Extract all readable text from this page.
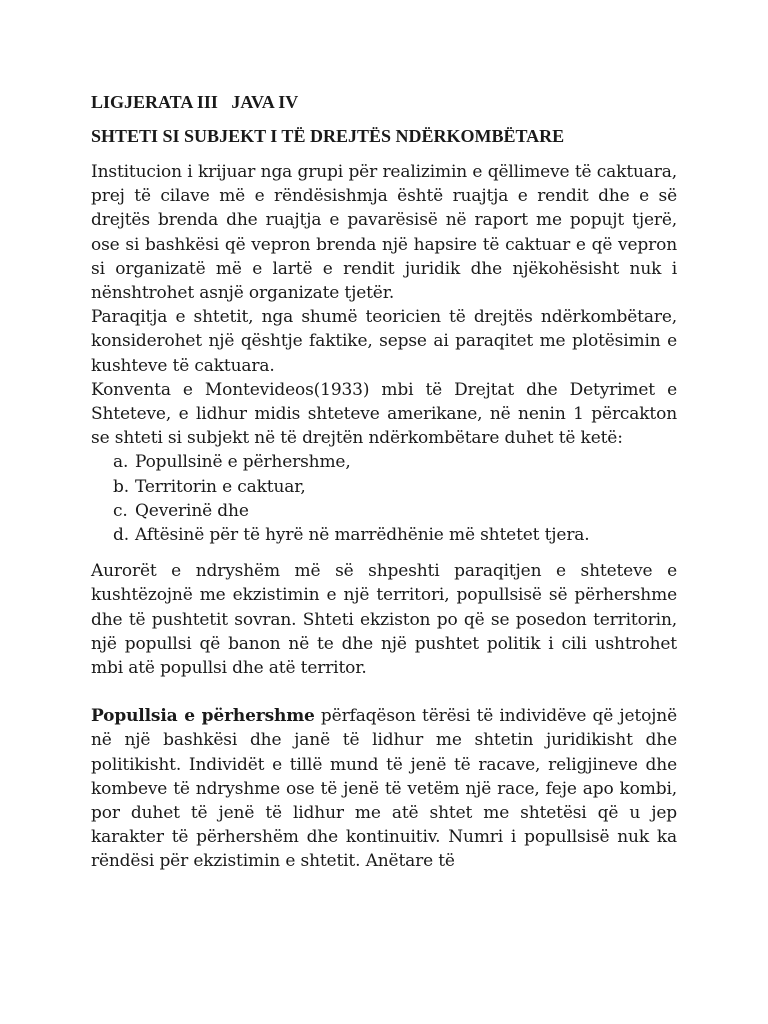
LIGJERATA III   JAVA IV

SHTETI SI SUBJEKT I TË DREJTËS NDËRKOMBËTARE

Institucion i krijuar nga grupi për realizimin e qëllimeve të caktuara, prej të cilave më e rëndësishmja është ruajtja e rendit dhe e së drejtës brenda dhe ruajtja e pavarësisë në raport me popujt tjerë, ose si bashkësi që vepron brenda një hapsire të caktuar e që vepron si organizatë më e lartë e rendit juridik dhe njëkohësisht nuk i nënshtrohet asnjë organizate tjetër.

Paraqitja e shtetit, nga shumë teoricien të drejtës ndërkombëtare, konsiderohet një qështje faktike, sepse ai paraqitet me plotësimin e kushteve të caktuara.

Konventa e Montevideos(1933) mbi të Drejtat dhe Detyrimet e Shteteve, e lidhur midis shteteve amerikane, në nenin 1 përcakton se shteti si subjekt në të drejtën ndërkombëtare duhet të ketë:

a. Popullsinë e përhershme,
b. Territorin e caktuar,
c. Qeverinë dhe
d. Aftësinë për të hyrë në marrëdhënie më shtetet tjera.

Aurorët e ndryshëm më së shpeshti paraqitjen e shteteve e kushtëzojnë me ekzistimin e një territori, popullsisë së përhershme dhe të pushtetit sovran. Shteti ekziston po që se posedon territorin, një popullsi që banon në te dhe një pushtet politik i cili ushtrohet mbi atë popullsi dhe atë territor.

Popullsia e përhershme përfaqëson tërësi të individëve që jetojnë në një bashkësi dhe janë të lidhur me shtetin juridikisht dhe politikisht. Individët e tillë mund të jenë të racave, religjineve dhe kombeve të ndryshme ose të jenë të vetëm një race, feje apo kombi, por duhet të jenë të lidhur me atë shtet me shtetësi që u jep karakter të përhershëm dhe kontinuitiv. Numri i popullsisë nuk ka rëndësi për ekzistimin e shtetit. Anëtare të
